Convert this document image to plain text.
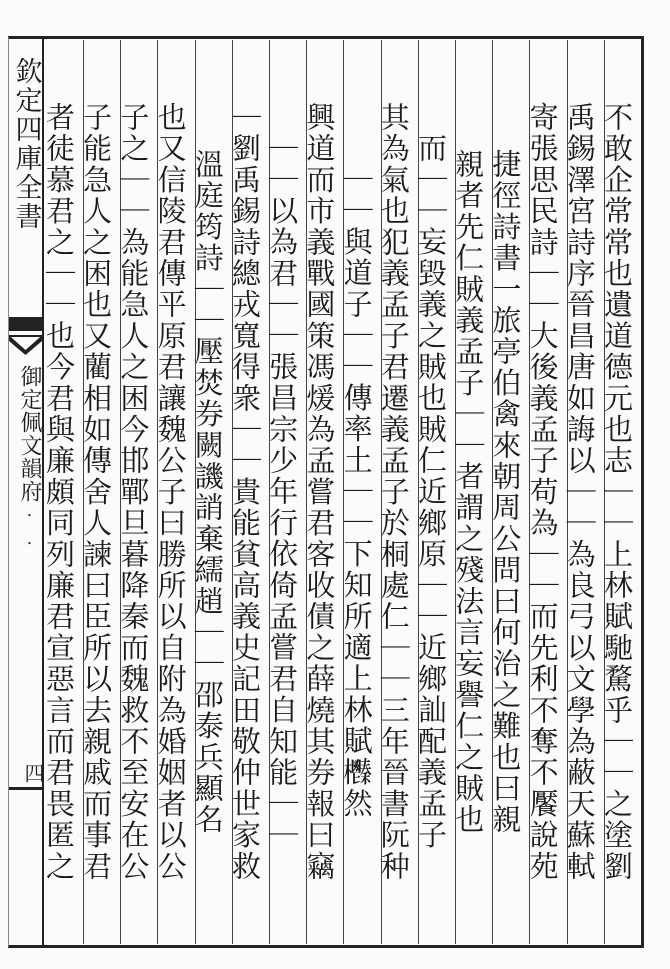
欽定四庫全書
御定佩文韻府
・ ・
四	不敢企常常也遺道德元也志｜｜上林賦馳騖乎｜｜之塗劉
禹錫澤宮詩序晉昌唐如誨以｜｜為良弓以文學為蔽天蘇軾
寄張思民詩｜｜大後義孟子苟為｜｜而先利不奪不饜說苑
捷徑詩書一旅亭伯禽來朝周公問曰何治之難也曰親
親者先仁賊義孟子｜｜者謂之殘法言妄譽仁之賊也
而｜｜妄毀義之賊也賊仁近鄉原｜｜近鄉訕配義孟子
其為氣也犯義孟子君遷義孟子於桐處仁｜｜三年晉書阮种
｜｜與道子｜｜傳率土｜｜下知所適上林賦𣡎然
興道而市義戰國策馮煖為孟嘗君客收債之薛燒其券報曰竊
｜｜以為君｜｜張昌宗少年行依倚孟嘗君自知能｜｜
｜劉禹錫詩總戎寬得衆｜｜貴能貧高義史記田敬仲世家救
溫庭筠詩｜｜壓焚券闕譏誚棄繻趙｜｜邵泰兵顯名
也又信陵君傳平原君讓魏公子曰勝所以自附為婚姻者以公
子之｜｜為能急人之困今邯鄲旦暮降秦而魏救不至安在公
子能急人之困也又藺相如傳舍人諫曰臣所以去親戚而事君
者徒慕君之｜｜也今君與廉頗同列廉君宣惡言而君畏匿之
